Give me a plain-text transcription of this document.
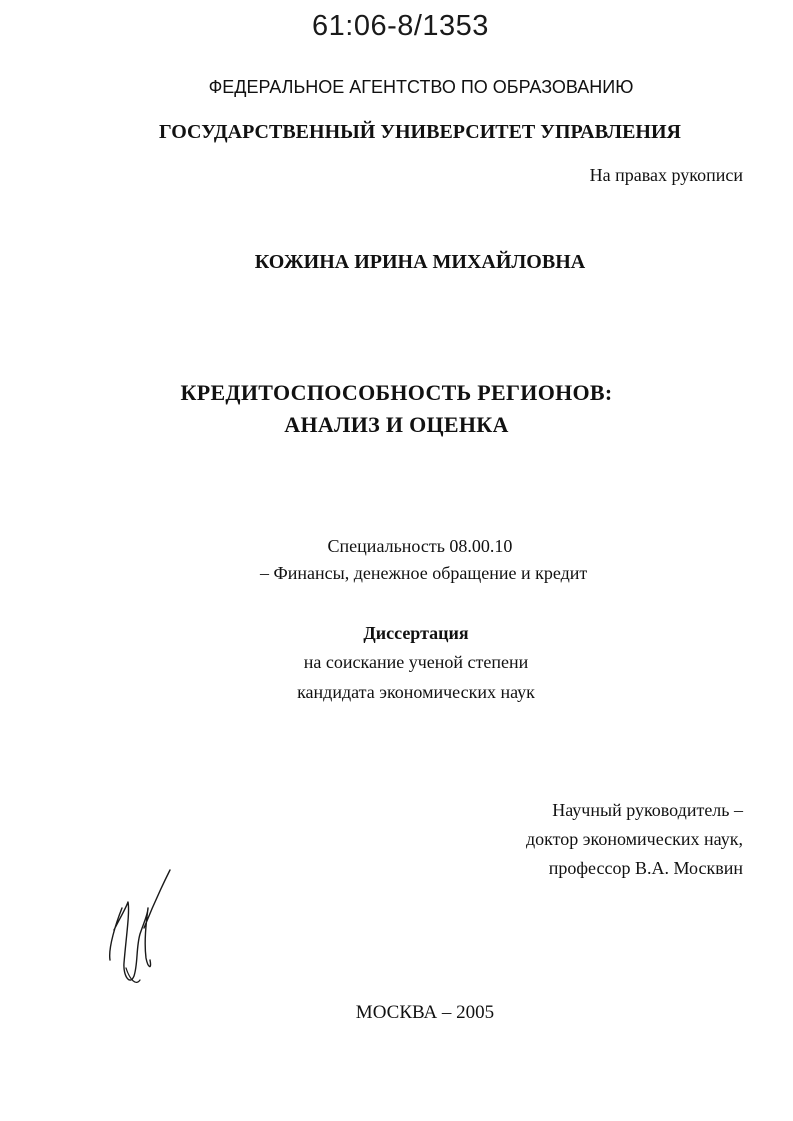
61:06-8/1353
ФЕДЕРАЛЬНОЕ АГЕНТСТВО ПО ОБРАЗОВАНИЮ
ГОСУДАРСТВЕННЫЙ УНИВЕРСИТЕТ УПРАВЛЕНИЯ
На правах рукописи
КОЖИНА ИРИНА МИХАЙЛОВНА
КРЕДИТОСПОСОБНОСТЬ РЕГИОНОВ:
АНАЛИЗ И ОЦЕНКА
Специальность 08.00.10
– Финансы, денежное обращение и кредит
Диссертация
на соискание ученой степени
кандидата экономических наук
Научный руководитель –
доктор экономических наук,
профессор В.А. Москвин
МОСКВА – 2005
